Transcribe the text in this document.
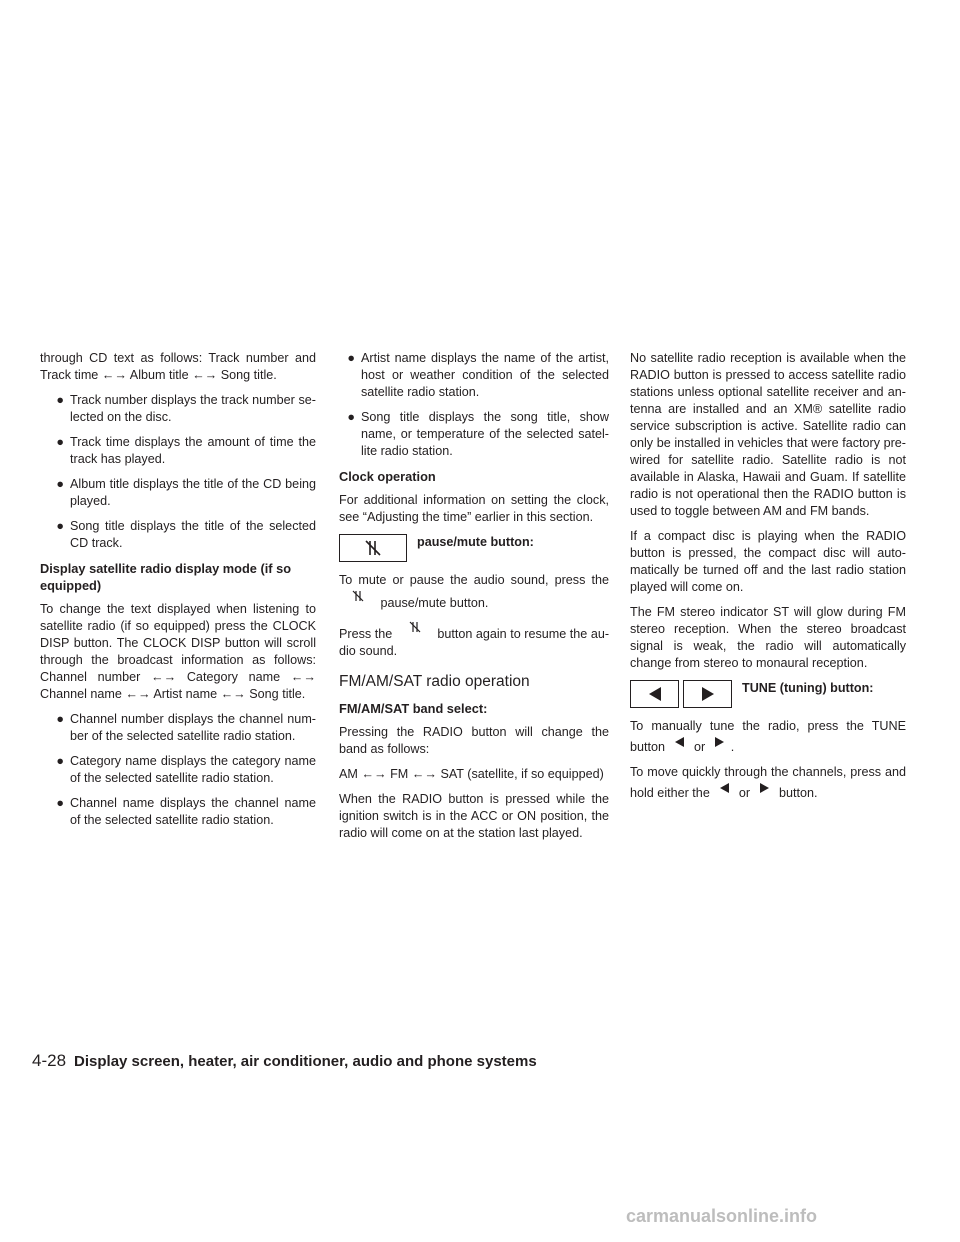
through CD text as follows: Track number and Track time ←→ Album title ←→ Song title.

● Track number displays the track number se- lected on the disc.
● Track time displays the amount of time the track has played.
● Album title displays the title of the CD being played.
● Song title displays the title of the selected CD track.
Display satellite radio display mode (if so equipped)

To change the text displayed when listening to satellite radio (if so equipped) press the CLOCK DISP button. The CLOCK DISP button will scroll through the broadcast information as follows: Channel number ←→ Category name ←→ Channel name ←→ Artist name ←→ Song title.

● Channel number displays the channel num- ber of the selected satellite radio station.
● Category name displays the category name of the selected satellite radio station.
● Channel name displays the channel name of the selected satellite radio station.
● Artist name displays the name of the artist, host or weather condition of the selected satellite radio station.
● Song title displays the song title, show name, or temperature of the selected satel- lite radio station.
Clock operation

For additional information on setting the clock, see “Adjusting the time” earlier in this section.

pause/mute button:

To mute or pause the audio sound, press the  pause/mute button.

Press the	button again to resume the au- dio sound.

FM/AM/SAT radio operation
FM/AM/SAT band select:

Pressing the RADIO button will change the band as follows:

AM ←→ FM ←→ SAT (satellite, if so equipped)

When the RADIO button is pressed while the ignition switch is in the ACC or ON position, the radio will come on at the station last played.

No satellite radio reception is available when the RADIO button is pressed to access satellite radio stations unless optional satellite receiver and an- tenna are installed and an XM® satellite radio service subscription is active. Satellite radio can only be installed in vehicles that were factory pre-wired for satellite radio. Satellite radio is not available in Alaska, Hawaii and Guam. If satellite radio is not operational then the RADIO button is used to toggle between AM and FM bands.

If a compact disc is playing when the RADIO button is pressed, the compact disc will auto- matically be turned off and the last radio station played will come on.

The FM stereo indicator ST will glow during FM stereo reception. When the stereo broadcast signal is weak, the radio will automatically change from stereo to monaural reception.

TUNE (tuning) button:

To manually tune the radio, press the TUNE button or .

To move quickly through the channels, press and hold either the or button.

4-28 Display screen, heater, air conditioner, audio and phone systems
carmanualsonline.info
